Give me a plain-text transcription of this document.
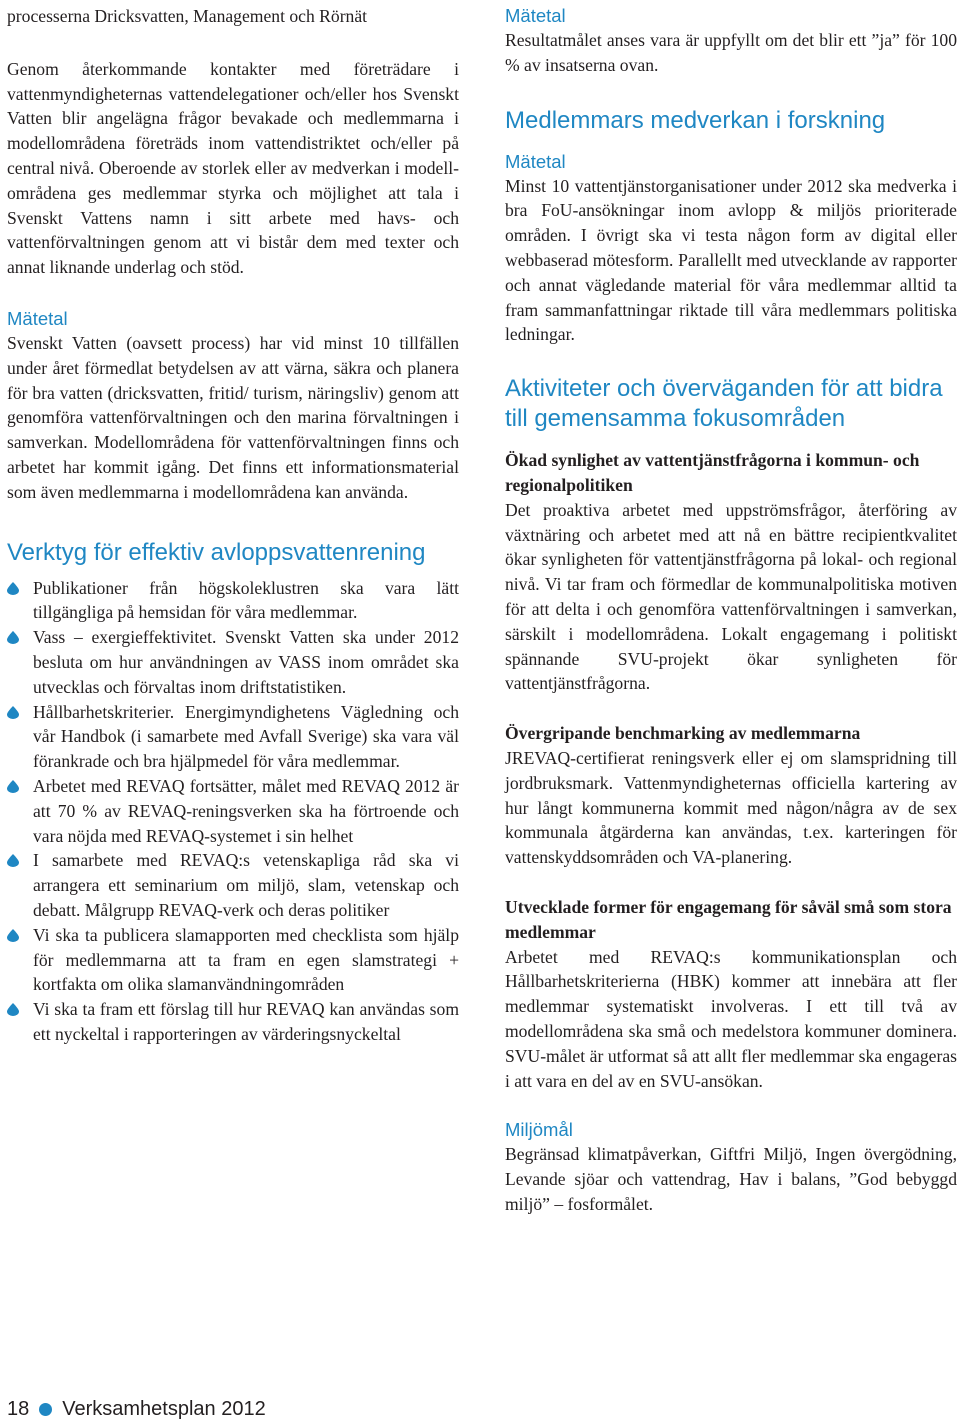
processerna Dricksvatten, Management och Rörnät

Genom återkommande kontakter med företrädare i vattenmyndigheternas vattendelegationer och/eller hos Svenskt Vatten blir angelägna frågor bevakade och medlemmarna i modellområdena företräds inom vattendistriktet och/eller på central nivå. Oberoende av storlek eller av medverkan i modell-områdena ges medlemmar styrka och möjlighet att tala i Svenskt Vattens namn i sitt arbete med havs- och vattenförvaltningen genom att vi bistår dem med texter och annat liknande underlag och stöd.

Mätetal

Svenskt Vatten (oavsett process) har vid minst 10 tillfällen under året förmedlat betydelsen av att värna, säkra och planera för bra vatten (dricksvatten, fritid/ turism, näringsliv) genom att genomföra vattenförvaltningen och den marina förvaltningen i samverkan. Modellområdena för vattenförvaltningen finns och arbetet har kommit igång. Det finns ett informationsmaterial som även medlemmarna i modellområdena kan använda.

Verktyg för effektiv avloppsvattenrening
Publikationer från högskoleklustren ska vara lätt tillgängliga på hemsidan för våra medlemmar.
Vass – exergieffektivitet. Svenskt Vatten ska under 2012 besluta om hur användningen av VASS inom området ska utvecklas och förvaltas inom driftstatistiken.
Hållbarhetskriterier. Energimyndighetens Vägledning och vår Handbok (i samarbete med Avfall Sverige) ska vara väl förankrade och bra hjälpmedel för våra medlemmar.
Arbetet med REVAQ fortsätter, målet med REVAQ 2012 är att 70 % av REVAQ-reningsverken ska ha förtroende och vara nöjda med REVAQ-systemet i sin helhet
I samarbete med REVAQ:s vetenskapliga råd ska vi arrangera ett seminarium om miljö, slam, vetenskap och debatt. Målgrupp REVAQ-verk och deras politiker
Vi ska ta publicera slamapporten med checklista som hjälp för medlemmarna att ta fram en egen slamstrategi + kortfakta om olika slamanvändningområden
Vi ska ta fram ett förslag till hur REVAQ kan användas som ett nyckeltal i rapporteringen av värderingsnyckeltal
Mätetal

Resultatmålet anses vara är uppfyllt om det blir ett ”ja” för 100 % av insatserna ovan.

Medlemmars medverkan i forskning
Mätetal

Minst 10 vattentjänstorganisationer under 2012 ska medverka i bra FoU-ansökningar inom avlopp & miljös prioriterade områden. I övrigt ska vi testa någon form av digital eller webbaserad mötesform. Parallellt med utvecklande av rapporter och annat vägledande material för våra medlemmar alltid ta fram sammanfattningar riktade till våra medlemmars politiska ledningar.

Aktiviteter och överväganden för att bidra till gemensamma fokusområden
Ökad synlighet av vattentjänstfrågorna i kommun- och regionalpolitiken

Det proaktiva arbetet med uppströmsfrågor, återföring av växtnäring och arbetet med att nå en bättre recipientkvalitet ökar synligheten för vattentjänstfrågorna på lokal- och regional nivå. Vi tar fram och förmedlar de kommunalpolitiska motiven för att delta i och genomföra vattenförvaltningen i samverkan, särskilt i modellområdena. Lokalt engagemang i politiskt spännande SVU-projekt ökar synligheten för vattentjänstfrågorna.

Övergripande benchmarking av medlemmarna

JREVAQ-certifierat reningsverk eller ej om slamspridning till jordbruksmark. Vattenmyndigheternas officiella kartering av hur långt kommunerna kommit med någon/några av de sex kommunala åtgärderna kan användas, t.ex. karteringen för vattenskyddsområden och VA-planering.

Utvecklade former för engagemang för såväl små som stora medlemmar

Arbetet med REVAQ:s kommunikationsplan och Hållbarhetskriterierna (HBK) kommer att innebära att fler medlemmar systematiskt involveras. I ett till två av modellområdena ska små och medelstora kommuner dominera. SVU-målet är utformat så att allt fler medlemmar ska engageras i att vara en del av en SVU-ansökan.

Miljömål

Begränsad klimatpåverkan, Giftfri Miljö, Ingen övergödning, Levande sjöar och vattendrag, Hav i balans, ”God bebyggd miljö” – fosformålet.

18 Verksamhetsplan 2012
